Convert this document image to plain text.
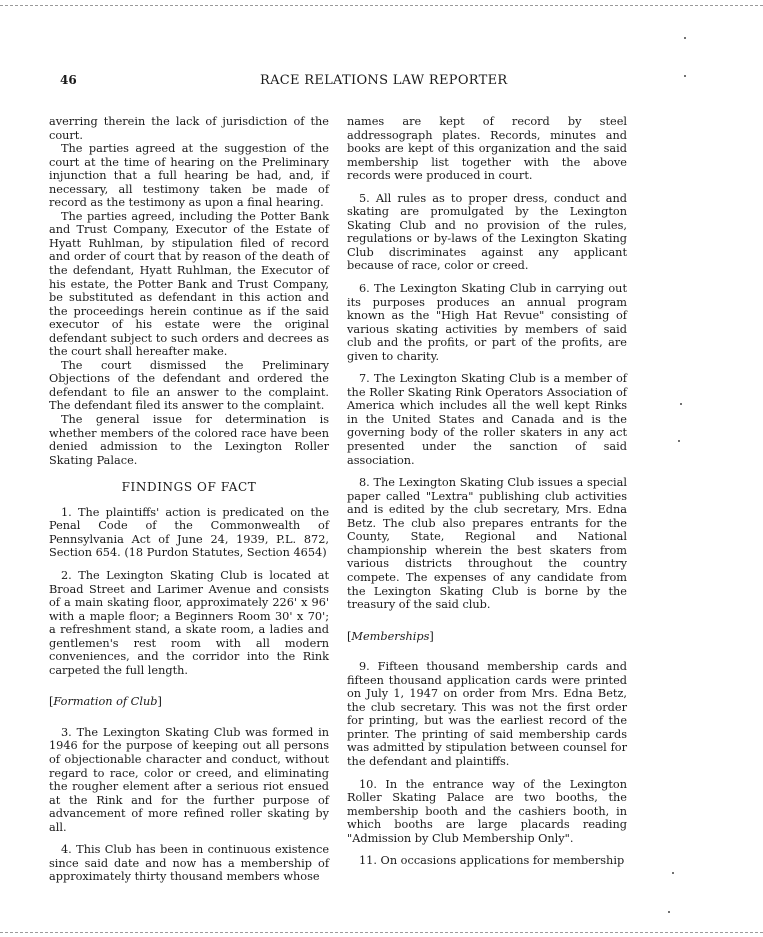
46	RACE RELATIONS LAW REPORTER

averring therein the lack of jurisdiction of the court.

The parties agreed at the suggestion of the court at the time of hearing on the Preliminary injunction that a full hearing be had, and, if necessary, all testimony taken be made of record as the testimony as upon a final hearing.

The parties agreed, including the Potter Bank and Trust Company, Executor of the Estate of Hyatt Ruhlman, by stipulation filed of record and order of court that by reason of the death of the defendant, Hyatt Ruhlman, the Executor of his estate, the Potter Bank and Trust Company, be substituted as defendant in this action and the proceedings herein continue as if the said executor of his estate were the original defendant subject to such orders and decrees as the court shall hereafter make.

The court dismissed the Preliminary Objections of the defendant and ordered the defendant to file an answer to the complaint. The defendant filed its answer to the complaint.

The general issue for determination is whether members of the colored race have been denied admission to the Lexington Roller Skating Palace.

FINDINGS OF FACT

1. The plaintiffs' action is predicated on the Penal Code of the Commonwealth of Pennsylvania Act of June 24, 1939, P.L. 872, Section 654. (18 Purdon Statutes, Section 4654)

2. The Lexington Skating Club is located at Broad Street and Larimer Avenue and consists of a main skating floor, approximately 226' x 96' with a maple floor; a Beginners Room 30' x 70'; a refreshment stand, a skate room, a ladies and gentlemen's rest room with all modern conveniences, and the corridor into the Rink carpeted the full length.

[Formation of Club]

3. The Lexington Skating Club was formed in 1946 for the purpose of keeping out all persons of objectionable character and conduct, without regard to race, color or creed, and eliminating the rougher element after a serious riot ensued at the Rink and for the further purpose of advancement of more refined roller skating by all.

4. This Club has been in continuous existence since said date and now has a membership of approximately thirty thousand members whose

names are kept of record by steel addressograph plates. Records, minutes and books are kept of this organization and the said membership list together with the above records were produced in court.

5. All rules as to proper dress, conduct and skating are promulgated by the Lexington Skating Club and no provision of the rules, regulations or by-laws of the Lexington Skating Club discriminates against any applicant because of race, color or creed.

6. The Lexington Skating Club in carrying out its purposes produces an annual program known as the "High Hat Revue" consisting of various skating activities by members of said club and the profits, or part of the profits, are given to charity.

7. The Lexington Skating Club is a member of the Roller Skating Rink Operators Association of America which includes all the well kept Rinks in the United States and Canada and is the governing body of the roller skaters in any act presented under the sanction of said association.

8. The Lexington Skating Club issues a special paper called "Lextra" publishing club activities and is edited by the club secretary, Mrs. Edna Betz. The club also prepares entrants for the County, State, Regional and National championship wherein the best skaters from various districts throughout the country compete. The expenses of any candidate from the Lexington Skating Club is borne by the treasury of the said club.

[Memberships]

9. Fifteen thousand membership cards and fifteen thousand application cards were printed on July 1, 1947 on order from Mrs. Edna Betz, the club secretary. This was not the first order for printing, but was the earliest record of the printer. The printing of said membership cards was admitted by stipulation between counsel for the defendant and plaintiffs.

10. In the entrance way of the Lexington Roller Skating Palace are two booths, the membership booth and the cashiers booth, in which booths are large placards reading "Admission by Club Membership Only".

11. On occasions applications for membership
